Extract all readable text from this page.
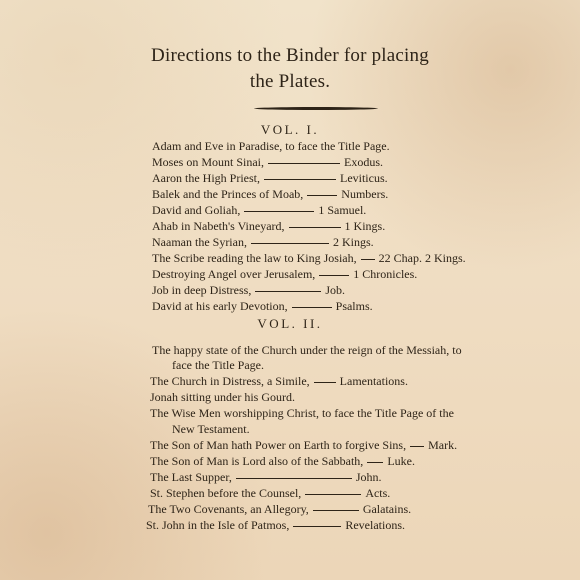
Directions to the Binder for placing
the Plates.
VOL. I.
Adam and Eve in Paradise, to face the Title Page.
Moses on Mount Sinai,	Exodus.
Aaron the High Priest,	Leviticus.
Balek and the Princes of Moab,	Numbers.
David and Goliah,	1 Samuel.
Ahab in Nabeth's Vineyard,	1 Kings.
Naaman the Syrian,	2 Kings.
The Scribe reading the law to King Josiah, 22 Chap. 2 Kings.
Destroying Angel over Jerusalem,	1 Chronicles.
Job in deep Distress,	Job.
David at his early Devotion,	Psalms.
VOL. II.
The happy state of the Church under the reign of the Messiah, to
face the Title Page.
The Church in Distress, a Simile,	Lamentations.
Jonah sitting under his Gourd.
The Wise Men worshipping Christ, to face the Title Page of the
New Testament.
The Son of Man hath Power on Earth to forgive Sins, Mark.
The Son of Man is Lord also of the Sabbath, Luke.
The Last Supper,	John.
St. Stephen before the Counsel,	Acts.
The Two Covenants, an Allegory,	Galatains.
St. John in the Isle of Patmos,	Revelations.
